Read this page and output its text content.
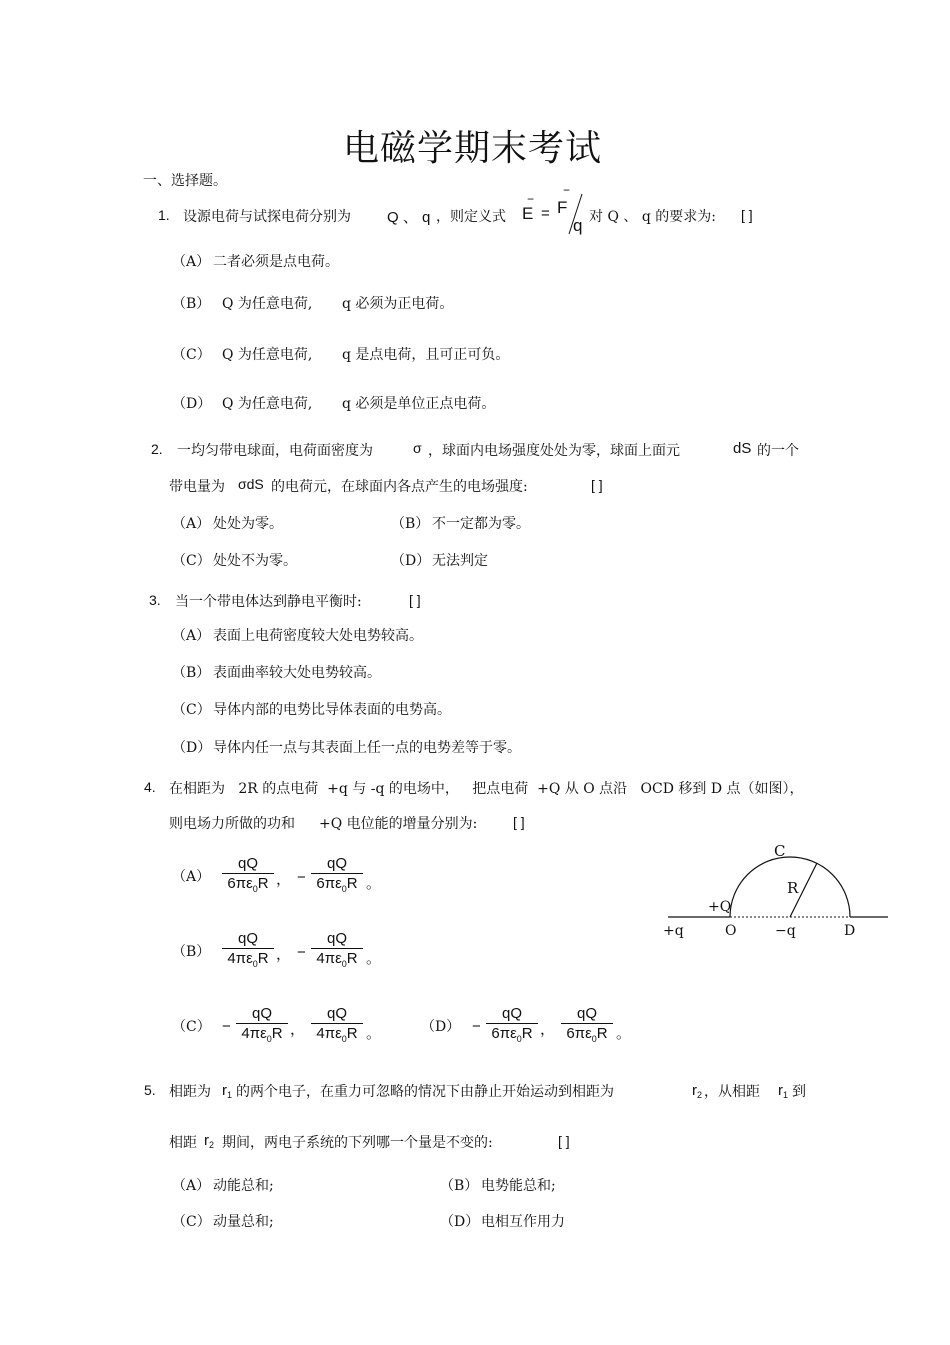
电磁学期末考试
一、选择题。
1. 设源电荷与试探电荷分别为 Q 、 q ，则定义式
−
E =
−
F
q 对 Q 、 q 的要求为: [ ]
（A） 二者必须是点电荷。
（B） Q 为任意电荷, q 必须为正电荷。
（C） Q 为任意电荷, q 是点电荷，且可正可负。
（D） Q 为任意电荷, q 必须是单位正点电荷。
2. 一均匀带电球面，电荷面密度为	σ ，球面内电场强度处处为零，球面上面元	dS 的一个
带电量为 σdS 的电荷元，在球面内各点产生的电场强度:	[ ]
（A） 处处为零。	（B） 不一定都为零。
（C） 处处不为零。	（D） 无法判定
3. 当一个带电体达到静电平衡时:	[ ]
（A） 表面上电荷密度较大处电势较高。
（B） 表面曲率较大处电势较高。
（C） 导体内部的电势比导体表面的电势高。
（D） 导体内任一点与其表面上任一点的电势差等于零。
4. 在相距为   2R 的点电荷  +q 与 -q 的电场中，   把点电荷  +Q 从 O 点沿   OCD 移到 D 点（如图），
则电场力所做的功和 +Q 电位能的增量分别为:	[ ]
$(A) \frac{qQ}{6\pi\varepsilon_0R}$ ， − $\frac{qQ}{6\pi\varepsilon_0R}$ 。
$(B) \frac{qQ}{4\pi\varepsilon_0R}$ ， − $\frac{qQ}{4\pi\varepsilon_0R}$ 。
$(C) - \frac{qQ}{4\pi\varepsilon_0R}$ ， $\frac{qQ}{4\pi\varepsilon_0R}$ 。	$(D) - \frac{qQ}{6\pi\varepsilon_0R}$ ， $\frac{qQ}{6\pi\varepsilon_0R}$ 。
C
R
+Q
+q	O	−q	D
5. 相距为 $r_1$ 的两个电子，在重力可忽略的情况下由静止开始运动到相距为	$r_2$ ，从相距 $r_1$ 到
相距 $r_2$ 期间，两电子系统的下列哪一个量是不变的:	[ ]
（A） 动能总和;	（B） 电势能总和;
（C） 动量总和;	（D） 电相互作用力
